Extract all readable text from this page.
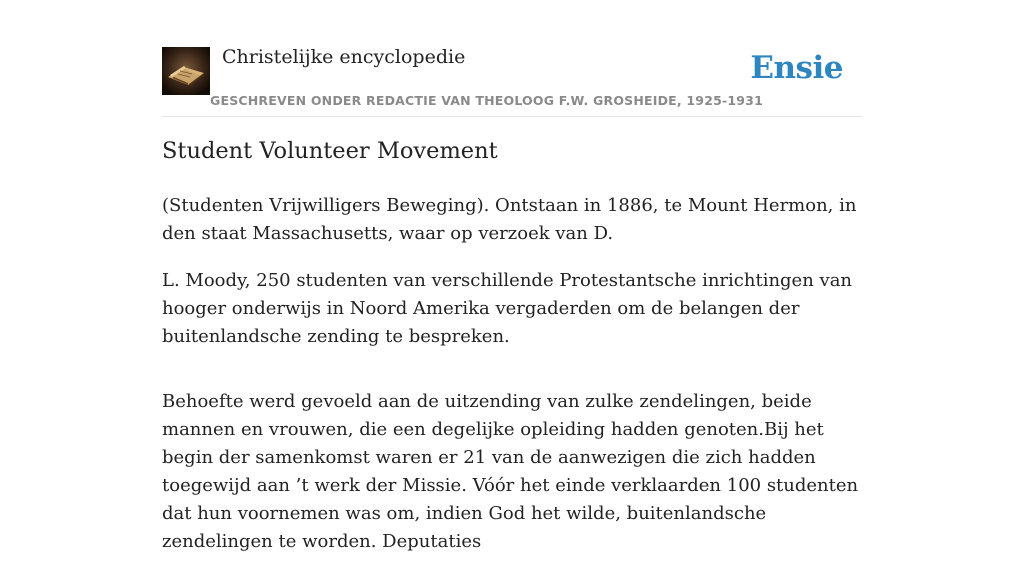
Christelijke encyclopedie
GESCHREVEN ONDER REDACTIE VAN THEOLOOG F.W. GROSHEIDE, 1925-1931
Ensie
Student Volunteer Movement

(Studenten Vrijwilligers Beweging). Ontstaan in 1886, te Mount Hermon, in den staat Massachusetts, waar op verzoek van D.

L. Moody, 250 studenten van verschillende Protestantsche inrichtingen van hooger onderwijs in Noord Amerika vergaderden om de belangen der buitenlandsche zending te bespreken.

Behoefte werd gevoeld aan de uitzending van zulke zendelingen, beide mannen en vrouwen, die een degelijke opleiding hadden genoten.Bij het begin der samenkomst waren er 21 van de aanwezigen die zich hadden toegewijd aan ’t werk der Missie. Vóór het einde verklaarden 100 studenten dat hun voornemen was om, indien God het wilde, buitenlandsche zendelingen te worden. Deputaties
